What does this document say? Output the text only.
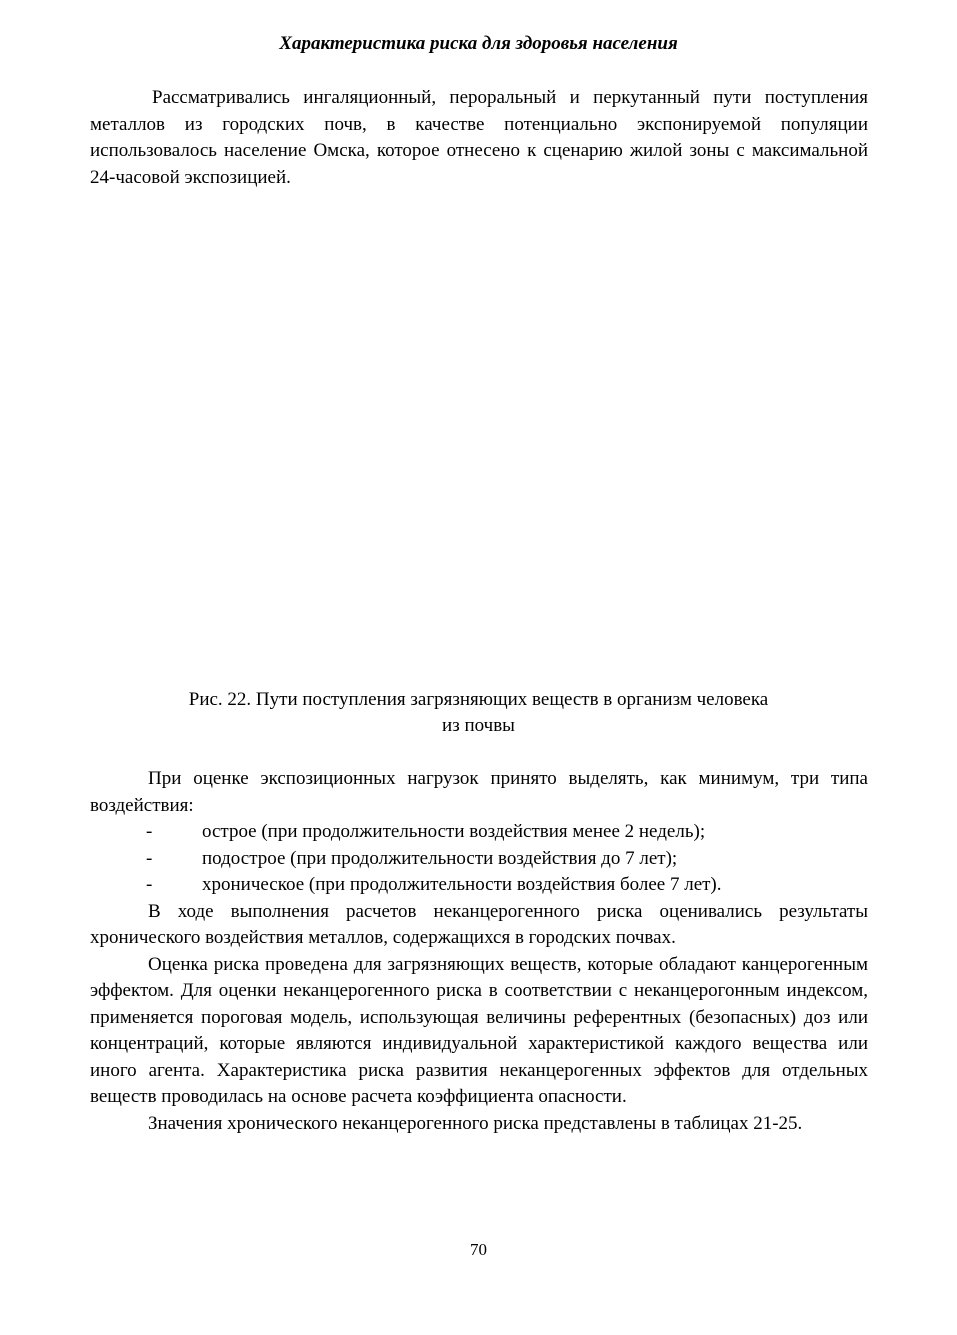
Характеристика риска для здоровья населения

Рассматривались ингаляционный, пероральный и перкутанный пути поступления металлов из городских почв, в качестве потенциально экспонируемой популяции использовалось население Омска, которое отнесено к сценарию жилой зоны с максимальной 24-часовой экспозицией.

Рис. 22. Пути поступления загрязняющих веществ в организм человека
из почвы

При оценке экспозиционных нагрузок принято выделять, как минимум, три типа воздействия:

-	острое (при продолжительности воздействия менее 2 недель);
-	подострое (при продолжительности воздействия до 7 лет);
-	хроническое (при продолжительности воздействия более 7 лет).

В ходе выполнения расчетов неканцерогенного риска оценивались результаты хронического воздействия металлов, содержащихся в городских почвах.

Оценка риска проведена для загрязняющих веществ, которые обладают канцерогенным эффектом. Для оценки неканцерогенного риска в соответствии с неканцерогонным индексом, применяется пороговая модель, использующая величины референтных (безопасных) доз или концентраций, которые являются индивидуальной характеристикой каждого вещества или иного агента. Характеристика риска развития неканцерогенных эффектов для отдельных веществ проводилась на основе расчета коэффициента опасности.

Значения хронического неканцерогенного риска представлены в таблицах 21-25.

70
